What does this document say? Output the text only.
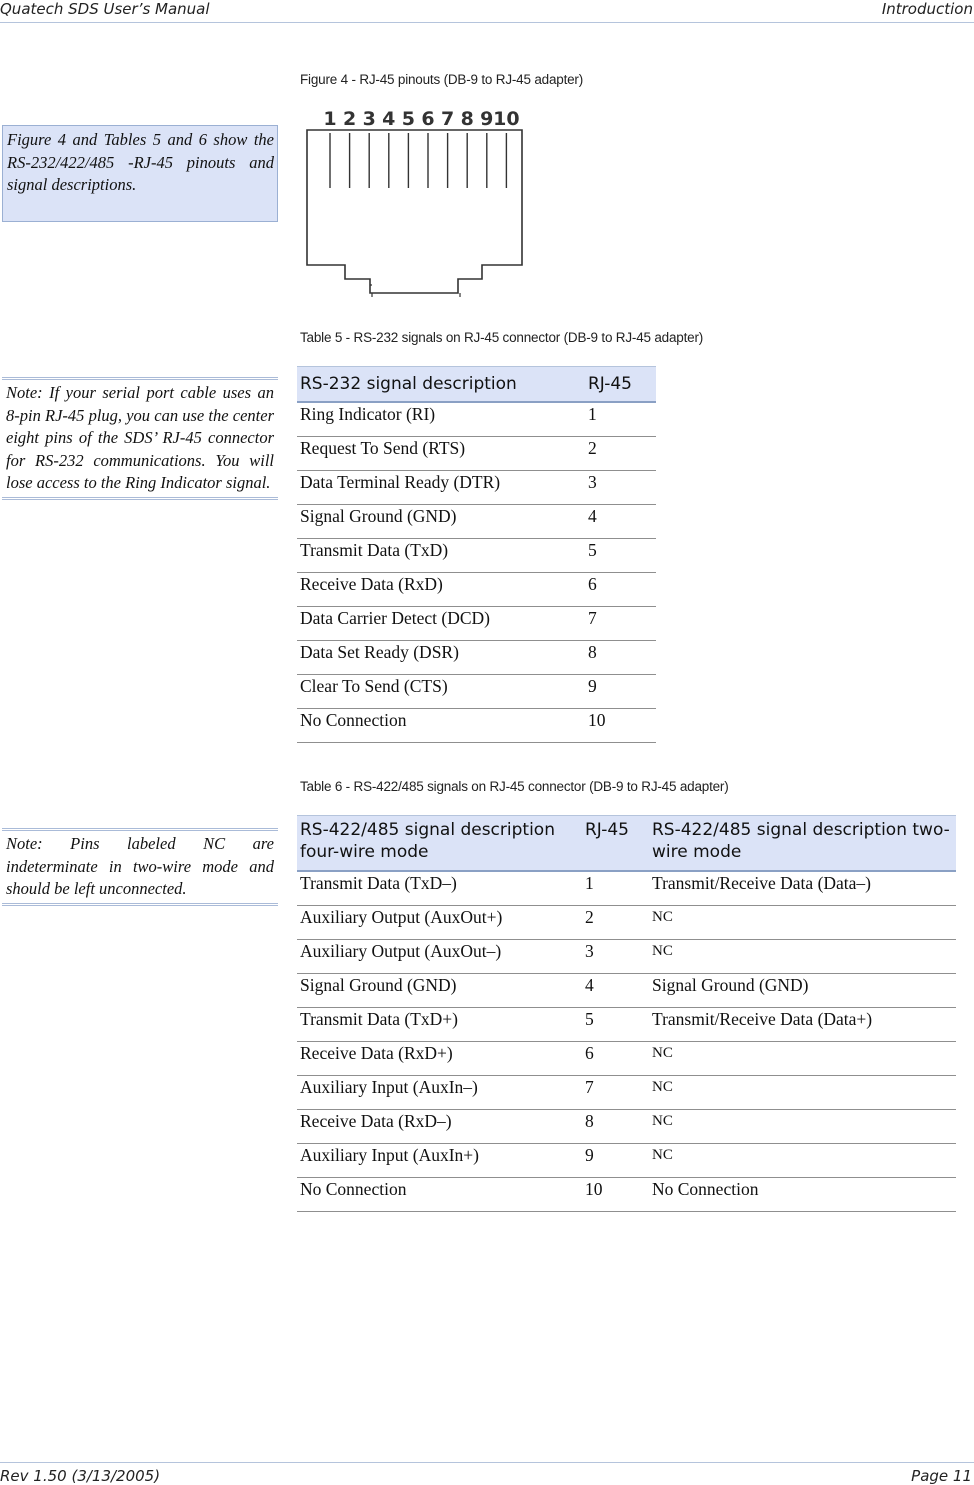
Quatech SDS User’s Manual	Introduction
Figure 4 - RJ-45 pinouts (DB-9 to RJ-45 adapter)

Figure 4 and Tables 5 and 6 show the RS-232/422/485 -RJ-45 pinouts and signal descriptions.

1 2 3 4 5 6 7 8 9 10

Note: If your serial port cable uses an 8-pin RJ-45 plug, you can use the center eight pins of the SDS’ RJ-45 connector for RS-232 communications. You will lose access to the Ring Indicator signal.

Table 5 - RS-232 signals on RJ-45 connector (DB-9 to RJ-45 adapter)
RS-232 signal description	RJ-45
Ring Indicator (RI)	1
Request To Send (RTS)	2
Data Terminal Ready (DTR)	3
Signal Ground (GND)	4
Transmit Data (TxD)	5
Receive Data (RxD)	6
Data Carrier Detect (DCD)	7
Data Set Ready (DSR)	8
Clear To Send (CTS)	9
No Connection	10
Table 6 - RS-422/485 signals on RJ-45 connector (DB-9 to RJ-45 adapter)

Note: Pins labeled NC are indeterminate in two-wire mode and should be left unconnected.

RS-422/485 signal description four-wire mode	RJ-45	RS-422/485 signal description two-wire mode
Transmit Data (TxD–)	1	Transmit/Receive Data (Data–)
Auxiliary Output (AuxOut+)	2	NC
Auxiliary Output (AuxOut–)	3	NC
Signal Ground (GND)	4	Signal Ground (GND)
Transmit Data (TxD+)	5	Transmit/Receive Data (Data+)
Receive Data (RxD+)	6	NC
Auxiliary Input (AuxIn–)	7	NC
Receive Data (RxD–)	8	NC
Auxiliary Input (AuxIn+)	9	NC
No Connection	10	No Connection
Rev 1.50 (3/13/2005)	Page 11
